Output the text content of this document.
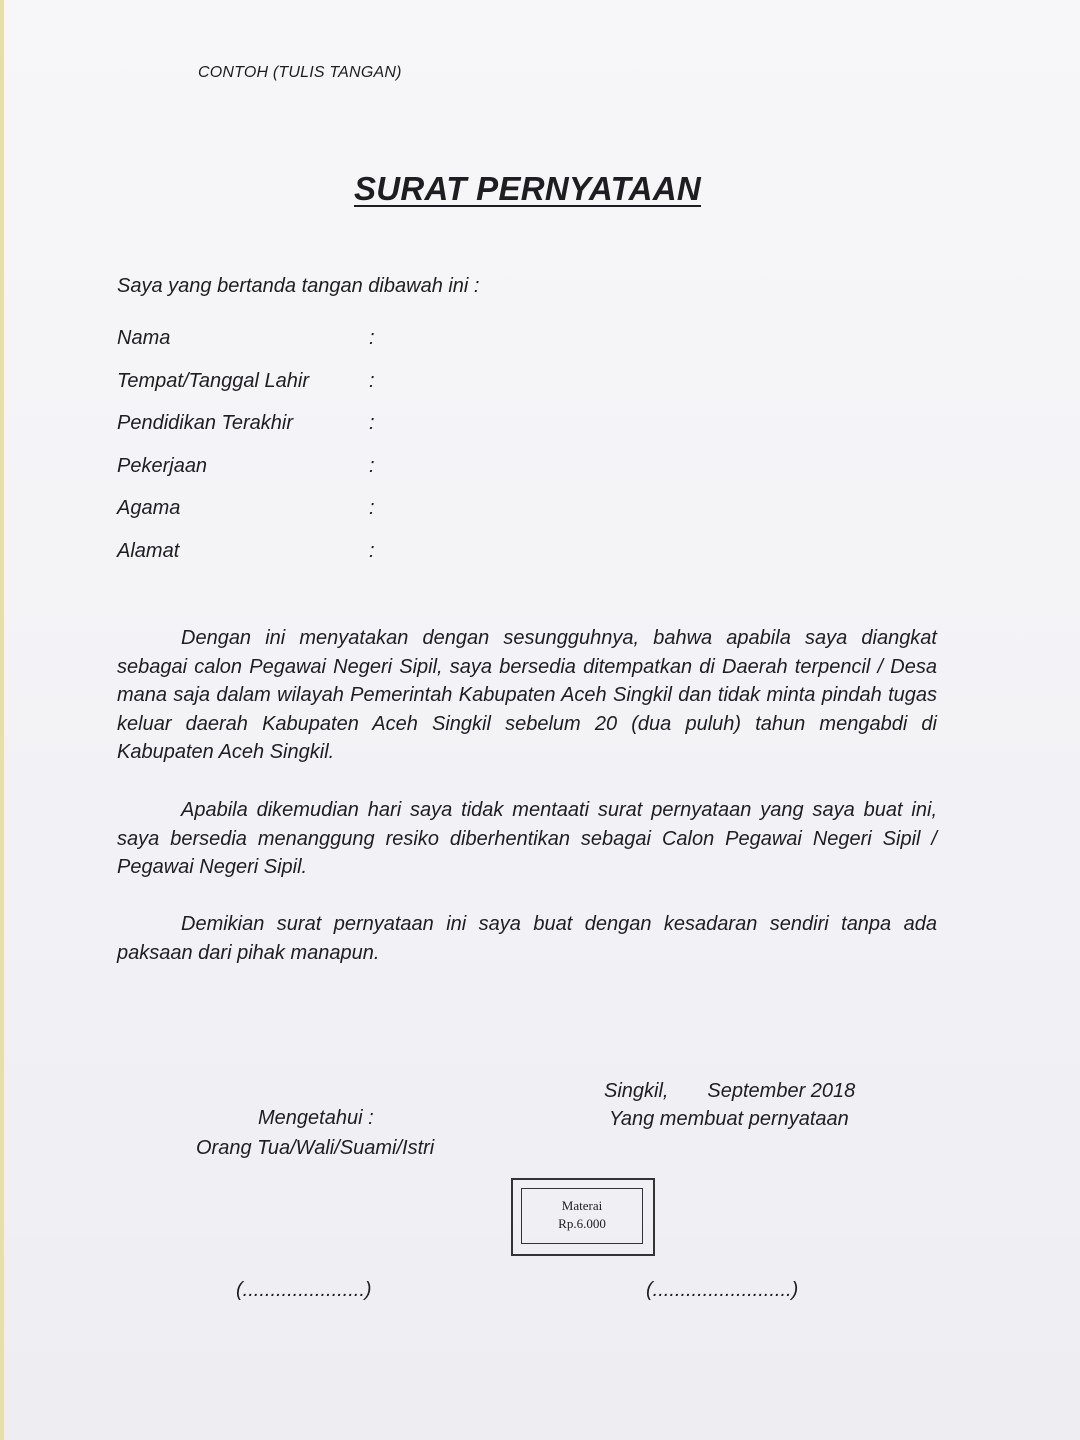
CONTOH (TULIS TANGAN)
SURAT PERNYATAAN
Saya yang bertanda tangan dibawah ini :
Nama	:
Tempat/Tanggal Lahir	:
Pendidikan Terakhir	:
Pekerjaan	:
Agama	:
Alamat	:

Dengan ini menyatakan dengan sesungguhnya, bahwa apabila saya diangkat sebagai calon Pegawai Negeri Sipil, saya bersedia ditempatkan di Daerah terpencil / Desa mana saja dalam wilayah Pemerintah Kabupaten Aceh Singkil dan tidak minta pindah tugas keluar daerah Kabupaten Aceh Singkil sebelum 20 (dua puluh) tahun mengabdi di Kabupaten Aceh Singkil.

Apabila dikemudian hari saya tidak mentaati surat pernyataan yang saya buat ini, saya bersedia menanggung resiko diberhentikan sebagai Calon Pegawai Negeri Sipil / Pegawai Negeri Sipil.

Demikian surat pernyataan ini saya buat dengan kesadaran sendiri tanpa ada paksaan dari pihak manapun.

Singkil, September 2018
Yang membuat pernyataan
Mengetahui :
Orang Tua/Wali/Suami/Istri
Materai
Rp.6.000
(......................)	(.........................)
